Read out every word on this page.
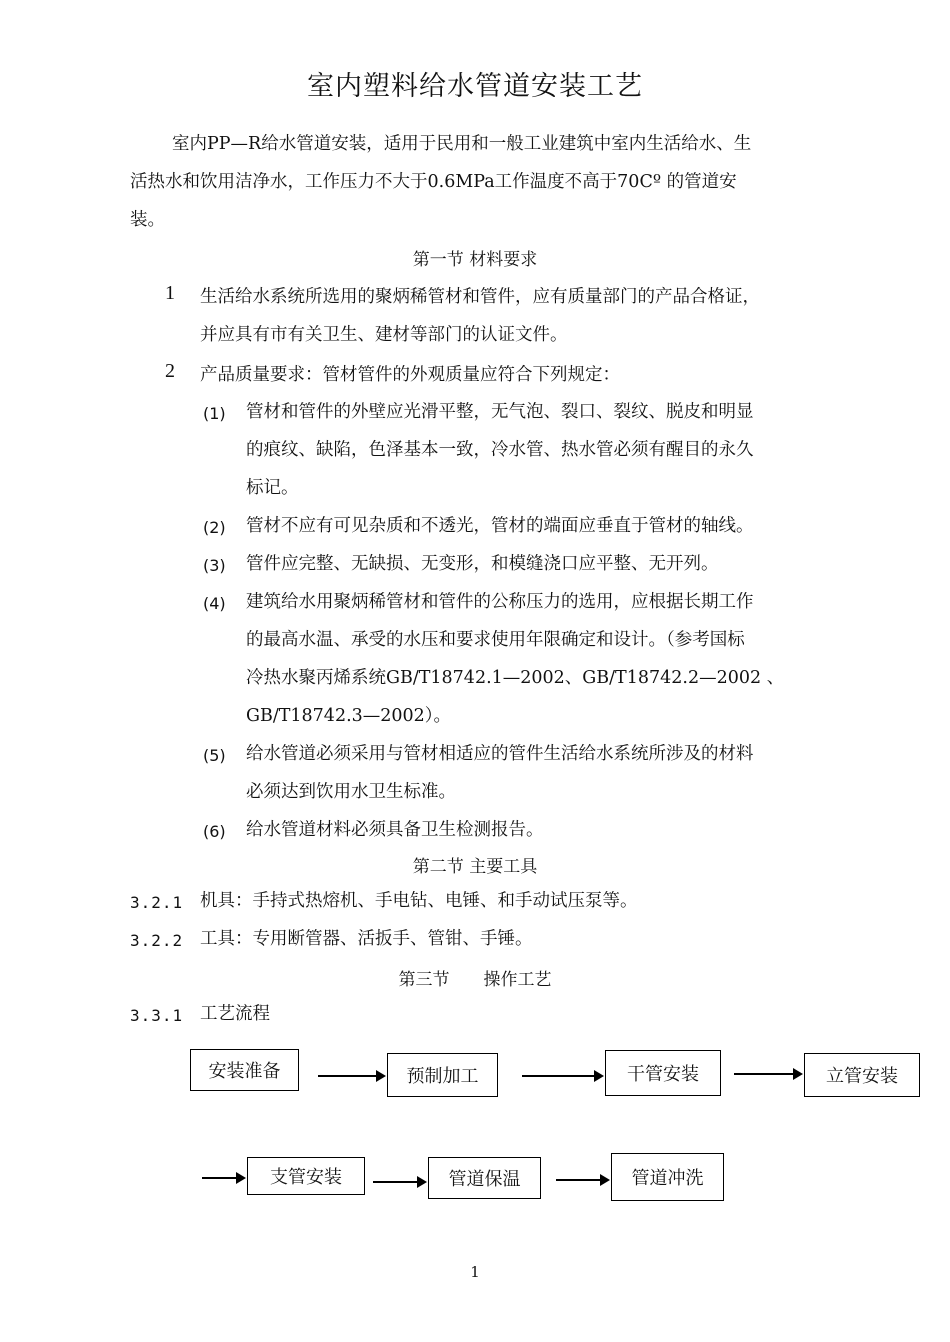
室内塑料给水管道安装工艺
室内PP—R给水管道安装，适用于民用和一般工业建筑中室内生活给水、生
活热水和饮用洁净水，工作压力不大于0.6MPa工作温度不高于70Cº 的管道安
装。
第一节 材料要求
1 生活给水系统所选用的聚炳稀管材和管件，应有质量部门的产品合格证，
并应具有市有关卫生、建材等部门的认证文件。
2 产品质量要求：管材管件的外观质量应符合下列规定：
(1) 管材和管件的外壁应光滑平整，无气泡、裂口、裂纹、脱皮和明显
的痕纹、缺陷，色泽基本一致，冷水管、热水管必须有醒目的永久
标记。
(2) 管材不应有可见杂质和不透光，管材的端面应垂直于管材的轴线。
(3) 管件应完整、无缺损、无变形，和模缝浇口应平整、无开列。
(4) 建筑给水用聚炳稀管材和管件的公称压力的选用，应根据长期工作
的最高水温、承受的水压和要求使用年限确定和设计。（参考国标
冷热水聚丙烯系统GB/T18742.1—2002、GB/T18742.2—2002 、
GB/T18742.3—2002）。
(5) 给水管道必须采用与管材相适应的管件生活给水系统所涉及的材料
必须达到饮用水卫生标准。
(6) 给水管道材料必须具备卫生检测报告。
第二节 主要工具
3.2.1 机具：手持式热熔机、手电钻、电锤、和手动试压泵等。
3.2.2 工具：专用断管器、活扳手、管钳、手锤。
第三节　　操作工艺
3.3.1 工艺流程
安装准备	预制加工	干管安装	立管安装
支管安装	管道保温	管道冲洗
1
